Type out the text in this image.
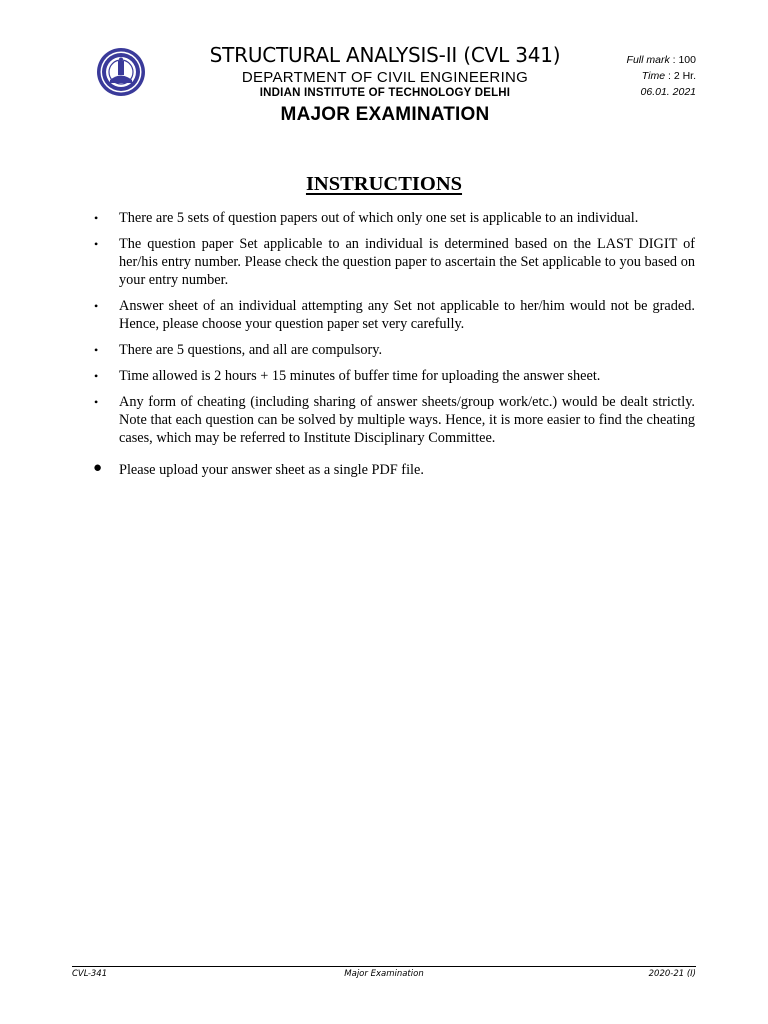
STRUCTURAL ANALYSIS-II (CVL 341)
DEPARTMENT OF CIVIL ENGINEERING
INDIAN INSTITUTE OF TECHNOLOGY DELHI
Full mark : 100
Time : 2 Hr.
06.01. 2021
MAJOR EXAMINATION
INSTRUCTIONS
• There are 5 sets of question papers out of which only one set is applicable to an individual.
• The question paper Set applicable to an individual is determined based on the LAST DIGIT of her/his entry number. Please check the question paper to ascertain the Set applicable to you based on your entry number.
• Answer sheet of an individual attempting any Set not applicable to her/him would not be graded. Hence, please choose your question paper set very carefully.
• There are 5 questions, and all are compulsory.
• Time allowed is 2 hours + 15 minutes of buffer time for uploading the answer sheet.
• Any form of cheating (including sharing of answer sheets/group work/etc.) would be dealt strictly. Note that each question can be solved by multiple ways. Hence, it is more easier to find the cheating cases, which may be referred to Institute Disciplinary Committee.
● Please upload your answer sheet as a single PDF file.
CVL-341	Major Examination	2020-21 (I)
